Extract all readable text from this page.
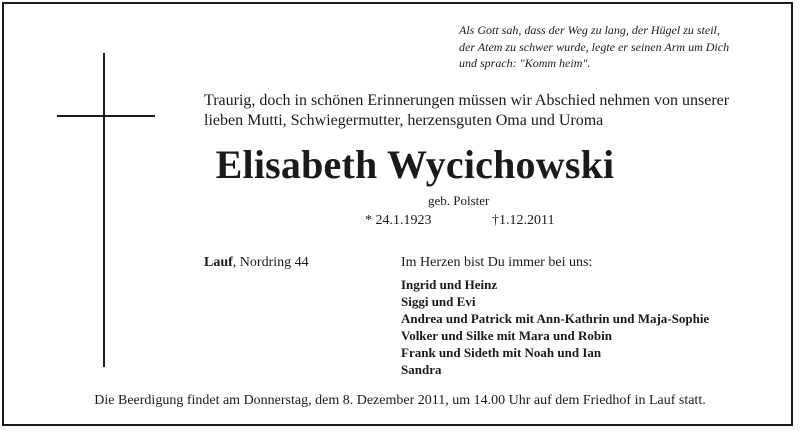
Als Gott sah, dass der Weg zu lang, der Hügel zu steil,
der Atem zu schwer wurde, legte er seinen Arm um Dich
und sprach: "Komm heim".
Traurig, doch in schönen Erinnerungen müssen wir Abschied nehmen von unserer
lieben Mutti, Schwiegermutter, herzensguten Oma und Uroma
Elisabeth Wycichowski
geb. Polster
* 24.1.1923	†1.12.2011
Lauf, Nordring 44	Im Herzen bist Du immer bei uns:
Ingrid und Heinz
Siggi und Evi
Andrea und Patrick mit Ann-Kathrin und Maja-Sophie
Volker und Silke mit Mara und Robin
Frank und Sideth mit Noah und Ian
Sandra
Die Beerdigung findet am Donnerstag, dem 8. Dezember 2011, um 14.00 Uhr auf dem Friedhof in Lauf statt.
